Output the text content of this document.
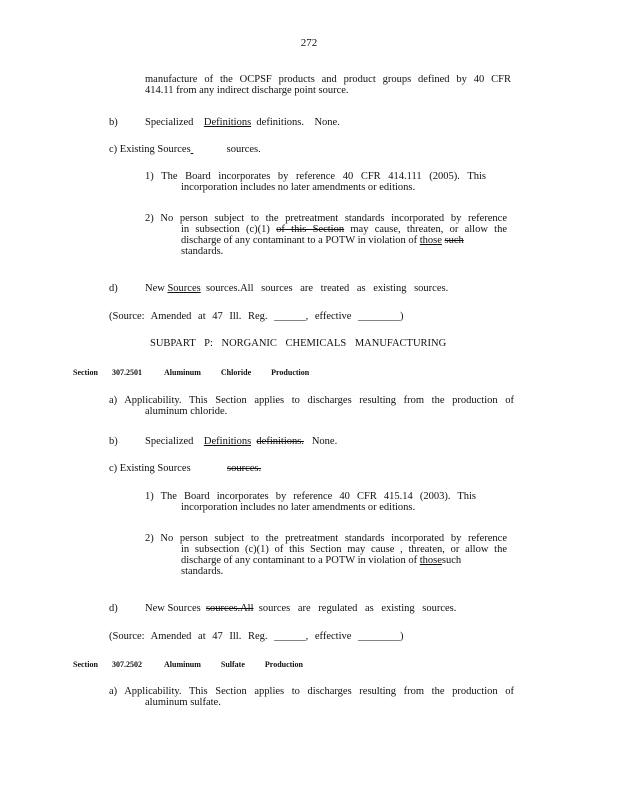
272
manufacture of the OCPSF products and product groups defined by 40 CFR
414.11 from any indirect discharge point source.
b)	Specialized Definitions definitions. None.
c) Existing Sources	sources.
1) The Board incorporates by reference 40 CFR 414.111 (2005). This
incorporation includes no later amendments or editions.
2) No person subject to the pretreatment standards incorporated by reference
in subsection (c)(1) of this Section may cause, threaten, or allow the
discharge of any contaminant to a POTW in violation of those such
standards.
d)	New Sources sources.All sources are treated as existing sources.
(Source: Amended at 47 Ill. Reg. ______, effective ________)
SUBPART P: NORGANIC CHEMICALS MANUFACTURING
Section 307.2501	Aluminum Chloride Production
a) Applicability. This Section applies to discharges resulting from the production of
aluminum chloride.
b)	Specialized Definitions definitions. None.
c) Existing Sources	sources.
1) The Board incorporates by reference 40 CFR 415.14 (2003). This
incorporation includes no later amendments or editions.
2) No person subject to the pretreatment standards incorporated by reference
in subsection (c)(1) of this Section may cause , threaten, or allow the
discharge of any contaminant to a POTW in violation of thosesuch
standards.
d)	New Sources sources.All sources are regulated as existing sources.
(Source: Amended at 47 Ill. Reg. ______, effective ________)
Section 307.2502	Aluminum Sulfate Production
a) Applicability. This Section applies to discharges resulting from the production of
aluminum sulfate.
